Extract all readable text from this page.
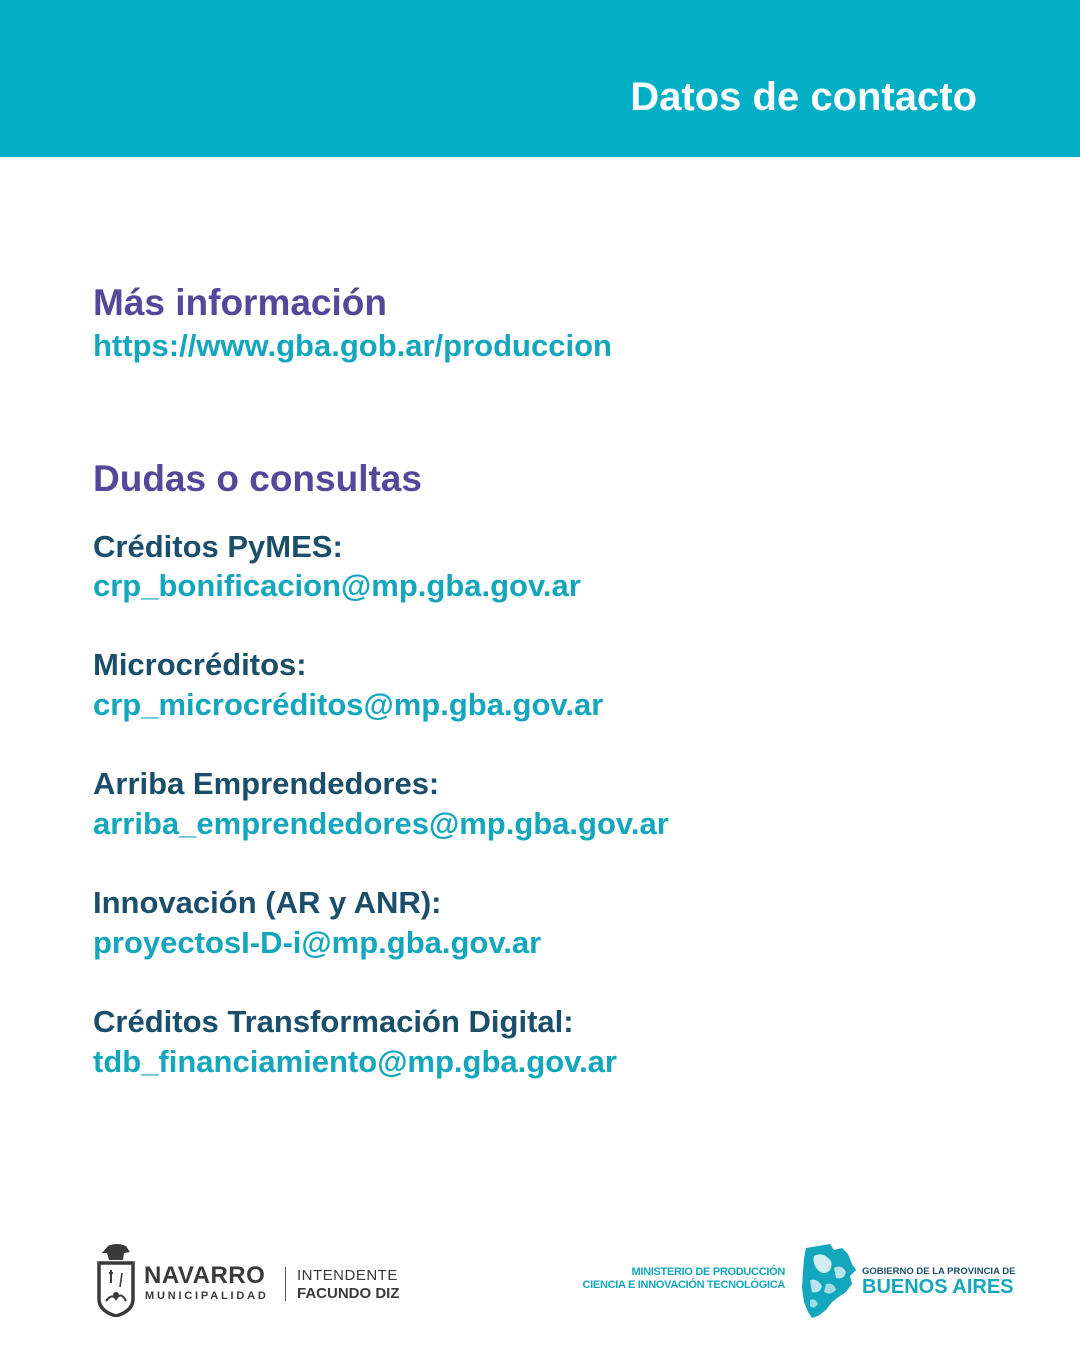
Datos de contacto
Más información
https://www.gba.gob.ar/produccion
Dudas o consultas
Créditos PyMES:
crp_bonificacion@mp.gba.gov.ar
Microcréditos:
crp_microcréditos@mp.gba.gov.ar
Arriba Emprendedores:
arriba_emprendedores@mp.gba.gov.ar
Innovación (AR y ANR):
proyectosI-D-i@mp.gba.gov.ar
Créditos Transformación Digital:
tdb_financiamiento@mp.gba.gov.ar
NAVARRO
MUNICIPALIDAD
INTENDENTE
FACUNDO DIZ
MINISTERIO DE PRODUCCIÓN
CIENCIA E INNOVACIÓN TECNOLÓGICA
GOBIERNO DE LA PROVINCIA DE
BUENOS AIRES
